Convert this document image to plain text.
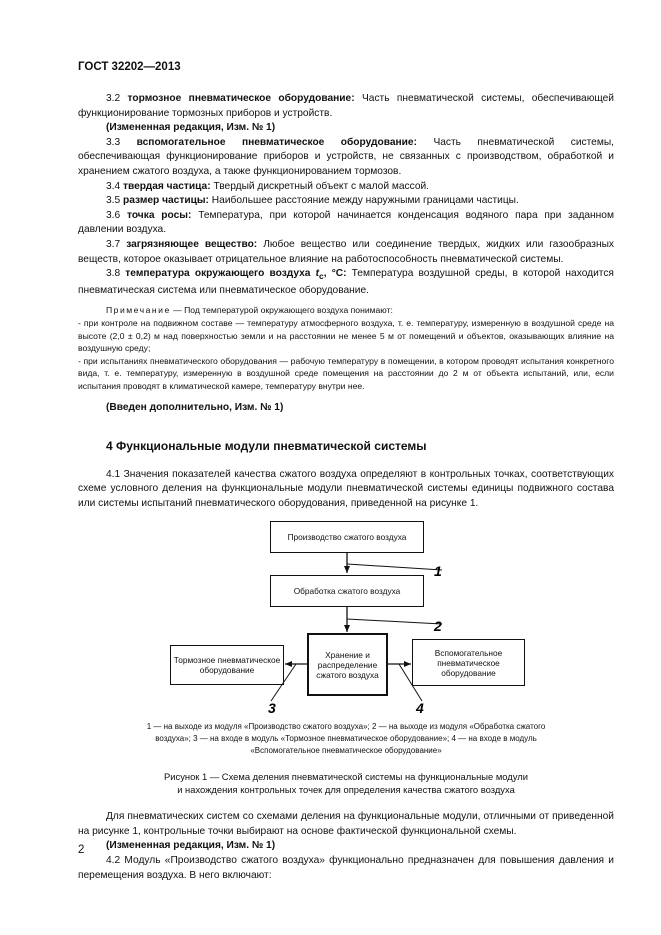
ГОСТ 32202—2013

3.2 тормозное пневматическое оборудование: Часть пневматической системы, обеспечивающей функционирование тормозных приборов и устройств.

(Измененная редакция, Изм. № 1)

3.3 вспомогательное пневматическое оборудование: Часть пневматической системы, обеспечивающая функционирование приборов и устройств, не связанных с производством, обработкой и хранением сжатого воздуха, а также функционированием тормозов.

3.4 твердая частица: Твердый дискретный объект с малой массой.

3.5 размер частицы: Наибольшее расстояние между наружными границами частицы.

3.6 точка росы: Температура, при которой начинается конденсация водяного пара при заданном давлении воздуха.

3.7 загрязняющее вещество: Любое вещество или соединение твердых, жидких или газообразных веществ, которое оказывает отрицательное влияние на работоспособность пневматической системы.

3.8 температура окружающего воздуха $t_c$, °С: Температура воздушной среды, в которой находится пневматическая система или пневматическое оборудование.

Примечание — Под температурой окружающего воздуха понимают:

- при контроле на подвижном составе — температуру атмосферного воздуха, т. е. температуру, измеренную в воздушной среде на высоте (2,0 ± 0,2) м над поверхностью земли и на расстоянии не менее 5 м от помещений и объектов, оказывающих влияние на воздушную среду;

- при испытаниях пневматического оборудования — рабочую температуру в помещении, в котором проводят испытания конкретного вида, т. е. температуру, измеренную в воздушной среде помещения на расстоянии до 2 м от объекта испытаний, или, если испытания проводят в климатической камере, температуру внутри нее.

(Введен дополнительно, Изм. № 1)

4 Функциональные модули пневматической системы

4.1 Значения показателей качества сжатого воздуха определяют в контрольных точках, соответствующих схеме условного деления на функциональные модули пневматической системы единицы подвижного состава или системы испытаний пневматического оборудования, приведенной на рисунке 1.

1
2
3	4
Производство сжатого воздуха
Обработка сжатого воздуха
Хранение и распределение сжатого воздуха
Тормозное пневматическое оборудование
Вспомогательное пневматическое оборудование
1 — на выходе из модуля «Производство сжатого воздуха»; 2 — на выходе из модуля «Обработка сжатого
воздуха»; 3 — на входе в модуль «Тормозное пневматическое оборудование»; 4 — на входе в модуль
«Вспомогательное пневматическое оборудование»
Рисунок 1 — Схема деления пневматической системы на функциональные модули
и нахождения контрольных точек для определения качества сжатого воздуха

Для пневматических систем со схемами деления на функциональные модули, отличными от приведенной на рисунке 1, контрольные точки выбирают на основе фактической функциональной схемы.

(Измененная редакция, Изм. № 1)

4.2 Модуль «Производство сжатого воздуха» функционально предназначен для повышения давления и перемещения воздуха. В него включают:

2
